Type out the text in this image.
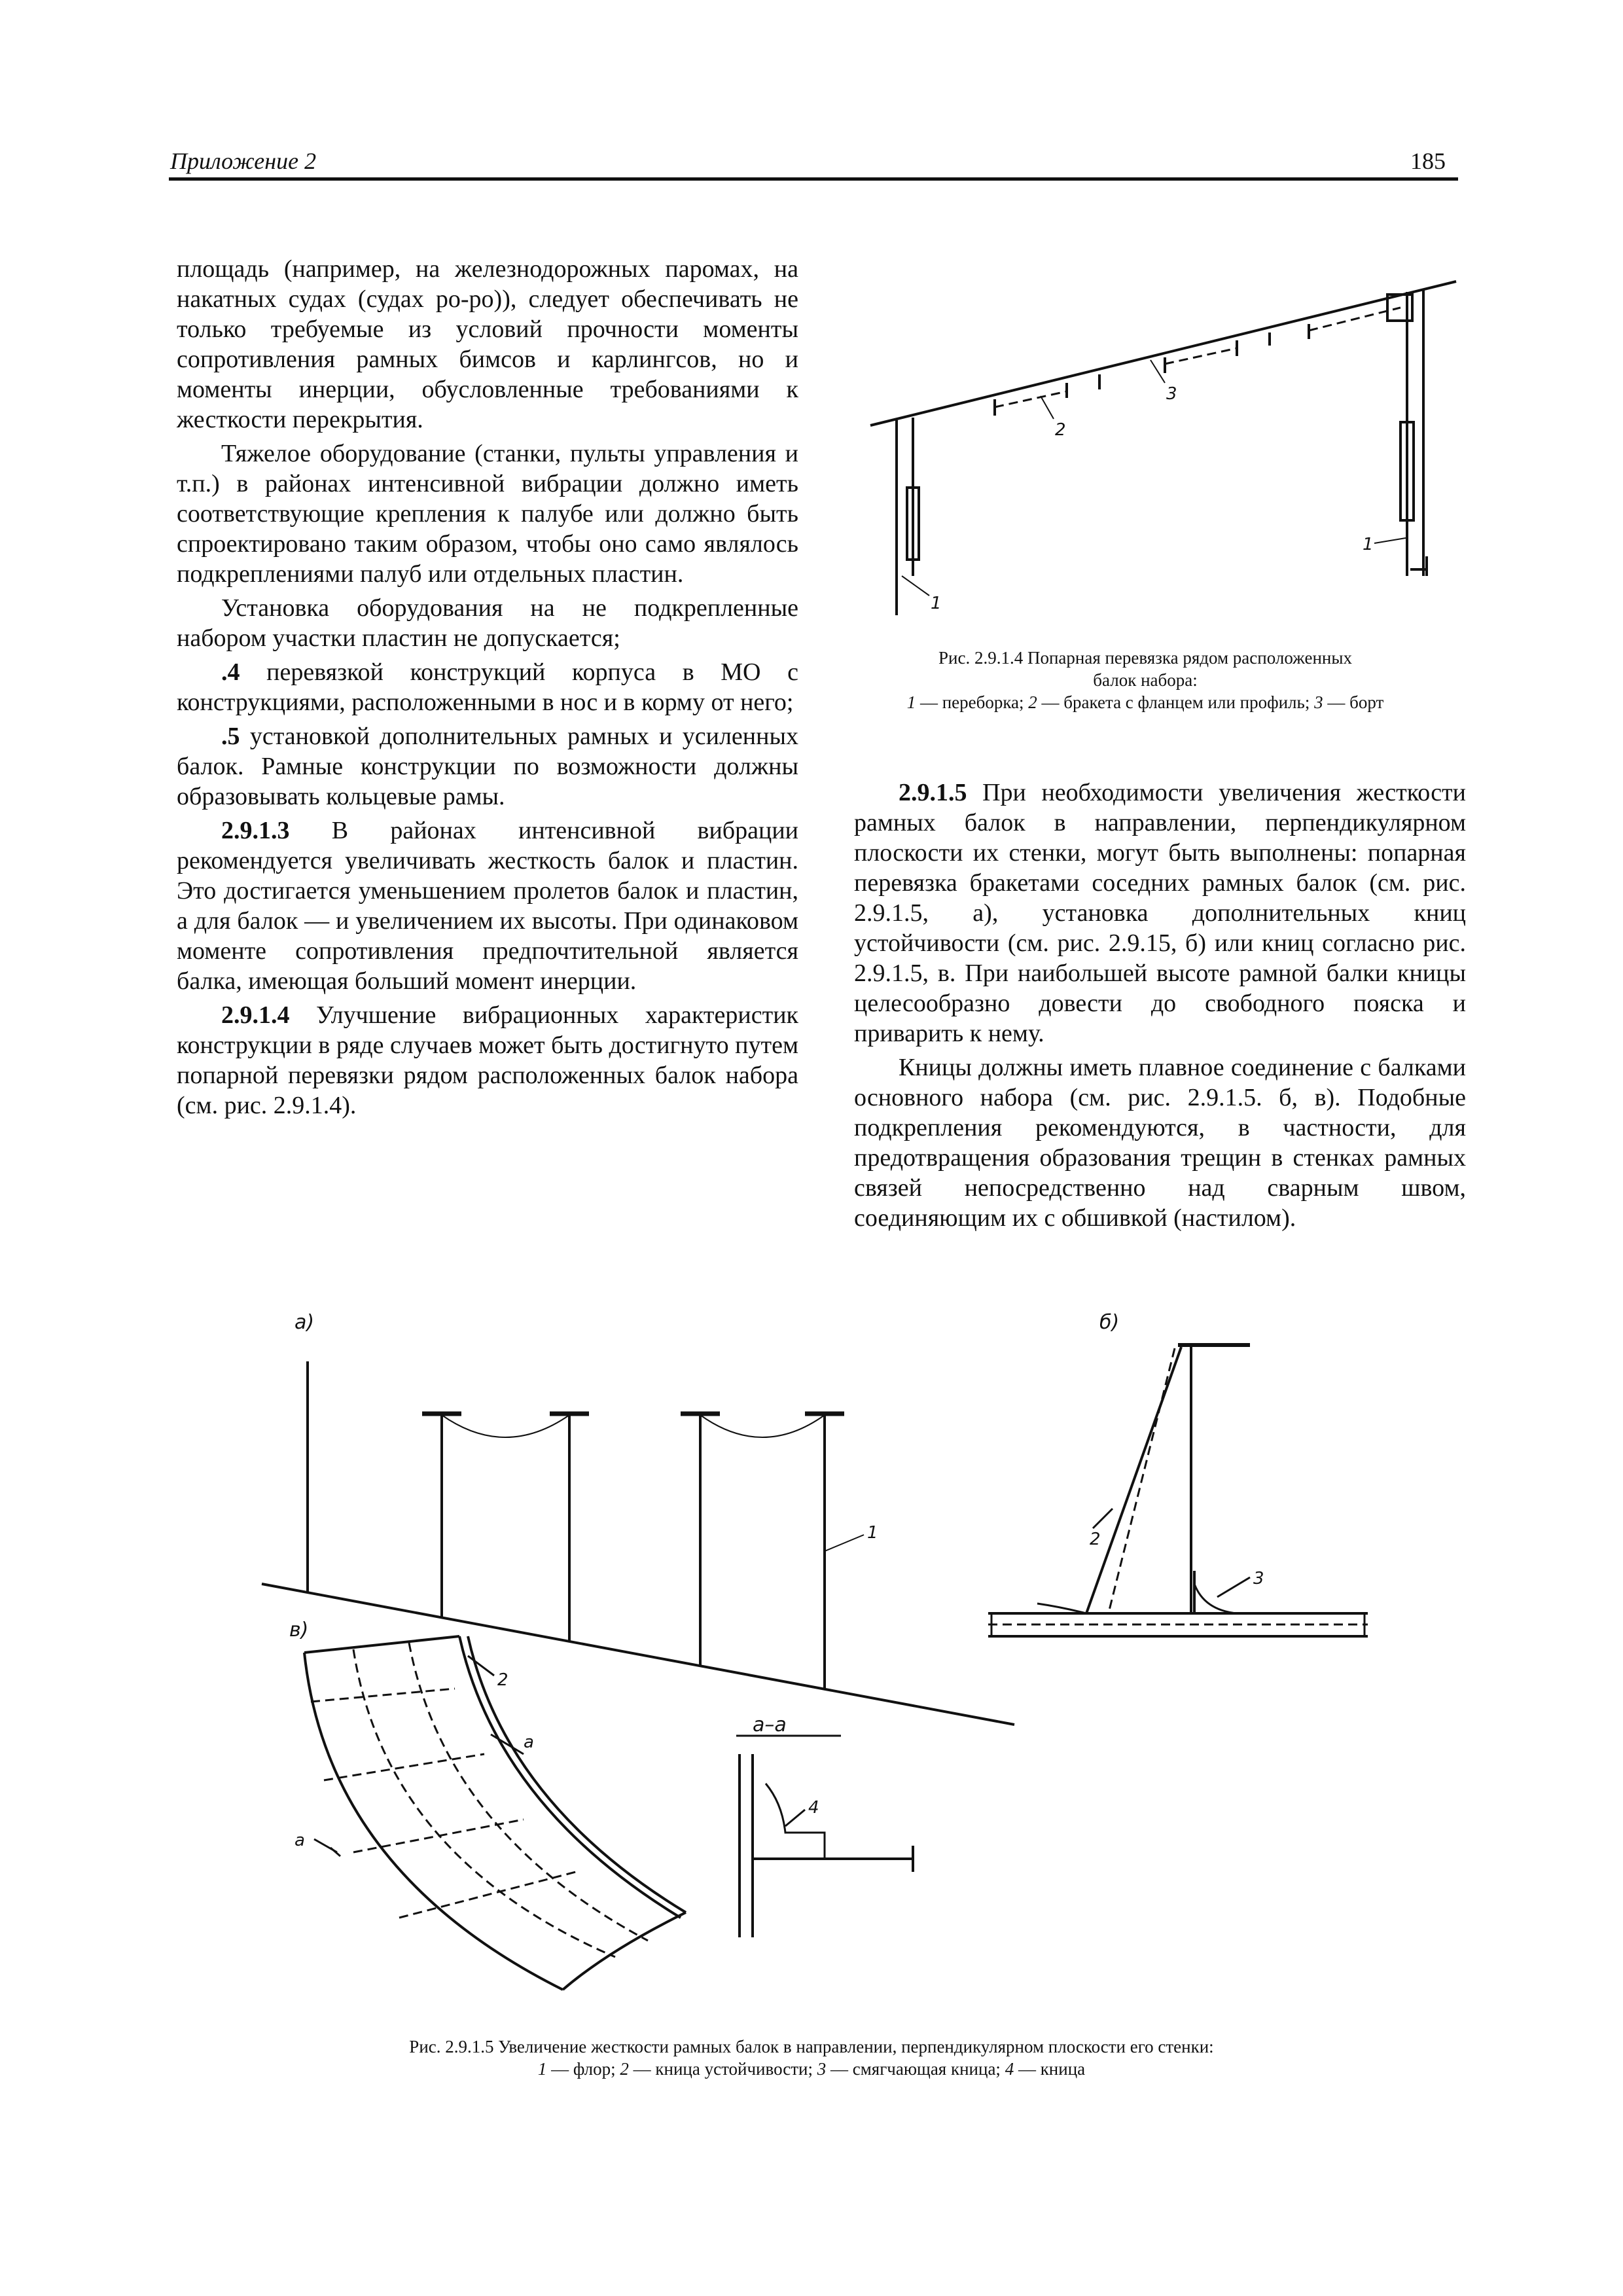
Приложение 2	185

площадь (например, на железнодорожных паромах, на накатных судах (судах ро-ро)), следует обеспечивать не только требуемые из условий прочности моменты сопротивления рамных бимсов и карлингсов, но и моменты инерции, обусловленные требованиями к жесткости перекрытия.

Тяжелое оборудование (станки, пульты управления и т.п.) в районах интенсивной вибрации должно иметь соответствующие крепления к палубе или должно быть спроектировано таким образом, чтобы оно само являлось подкреплениями палуб или отдельных пластин.

Установка оборудования на не подкрепленные набором участки пластин не допускается;

.4 перевязкой конструкций корпуса в МО с конструкциями, расположенными в нос и в корму от него;

.5 установкой дополнительных рамных и усиленных балок. Рамные конструкции по возможности должны образовывать кольцевые рамы.

2.9.1.3 В районах интенсивной вибрации рекомендуется увеличивать жесткость балок и пластин. Это достигается уменьшением пролетов балок и пластин, а для балок — и увеличением их высоты. При одинаковом моменте сопротивления предпочтительной является балка, имеющая больший момент инерции.

2.9.1.4 Улучшение вибрационных характеристик конструкции в ряде случаев может быть достигнуто путем попарной перевязки рядом расположенных балок набора (см. рис. 2.9.1.4).

2
3
1
1
Рис. 2.9.1.4 Попарная перевязка рядом расположенных
балок набора:
1 — переборка; 2 — бракета с фланцем или профиль; 3 — борт

2.9.1.5 При необходимости увеличения жесткости рамных балок в направлении, перпендикулярном плоскости их стенки, могут быть выполнены: попарная перевязка бракетами соседних рамных балок (см. рис. 2.9.1.5, а), установка дополнительных книц устойчивости (см. рис. 2.9.15, б) или книц согласно рис. 2.9.1.5, в. При наибольшей высоте рамной балки кницы целесообразно довести до свободного пояска и приварить к нему.

Кницы должны иметь плавное соединение с балками основного набора (см. рис. 2.9.1.5. б, в). Подобные подкрепления рекомендуются, в частности, для предотвращения образования трещин в стенках рамных связей непосредственно над сварным швом, соединяющим их с обшивкой (настилом).

а)
1
б)
2
3
в)
2
а
а
а–а
4
Рис. 2.9.1.5 Увеличение жесткости рамных балок в направлении, перпендикулярном плоскости его стенки:
1 — флор; 2 — кница устойчивости; 3 — смягчающая кница; 4 — кница
